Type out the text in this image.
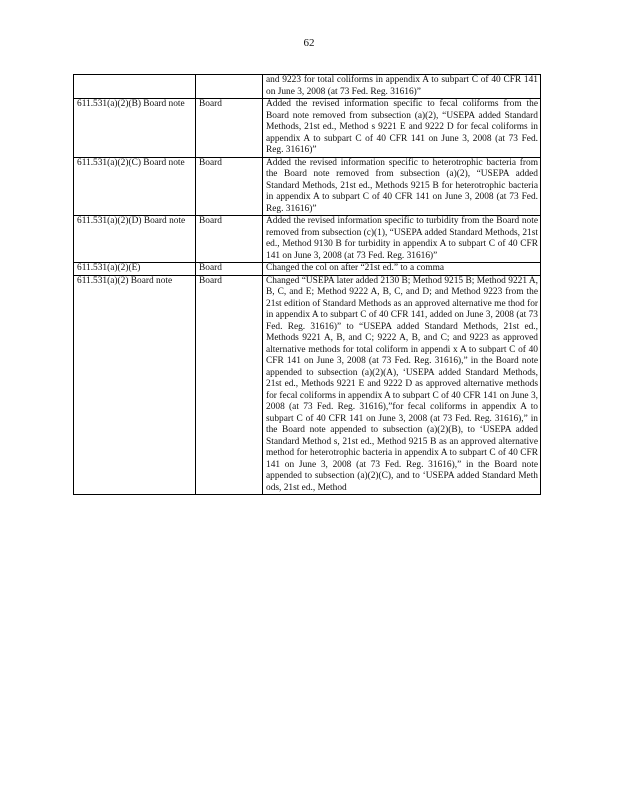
62
		and 9223 for total coliforms in appendix A to subpart C of 40 CFR 141 on June 3, 2008 (at 73 Fed. Reg. 31616)”
611.531(a)(2)(B) Board note	Board	Added the revised information specific to fecal coliforms from the Board note removed from subsection (a)(2), “USEPA added Standard Methods, 21st ed., Method s 9221 E and 9222 D for fecal coliforms in appendix A to subpart C of 40 CFR 141 on June 3, 2008 (at 73 Fed. Reg. 31616)”
611.531(a)(2)(C) Board note	Board	Added the revised information specific to heterotrophic bacteria from the Board note removed from subsection (a)(2), “USEPA added Standard Methods, 21st ed., Methods 9215 B for heterotrophic bacteria in appendix A to subpart C of 40 CFR 141 on June 3, 2008 (at 73 Fed. Reg. 31616)”
611.531(a)(2)(D) Board note	Board	Added the revised information specific to turbidity from the Board note removed from subsection (c)(1), “USEPA added Standard Methods, 21st ed., Method 9130 B for turbidity in appendix A to subpart C of 40 CFR 141 on June 3, 2008 (at 73 Fed. Reg. 31616)”
611.531(a)(2)(E)	Board	Changed the col on after “21st ed.” to a comma
611.531(a)(2) Board note	Board	Changed “USEPA later added 2130 B; Method 9215 B; Method 9221 A, B, C, and E; Method 9222 A, B, C, and D; and Method 9223 from the 21st edition of Standard Methods as an approved alternative me thod for in appendix A to subpart C of 40 CFR 141, added on June 3, 2008 (at 73 Fed. Reg. 31616)” to “USEPA added Standard Methods, 21st ed., Methods 9221 A, B, and C; 9222 A, B, and C; and 9223 as approved alternative methods for total coliform in appendi x A to subpart C of 40 CFR 141 on June 3, 2008 (at 73 Fed. Reg. 31616),” in the Board note appended to subsection (a)(2)(A), ‘USEPA added Standard Methods, 21st ed., Methods 9221 E and 9222 D as approved alternative methods for fecal coliforms in appendix A to subpart C of 40 CFR 141 on June 3, 2008 (at 73 Fed. Reg. 31616),”for fecal coliforms in appendix A to subpart C of 40 CFR 141 on June 3, 2008 (at 73 Fed. Reg. 31616),” in the Board note appended to subsection (a)(2)(B), to ‘USEPA added Standard Method s, 21st ed., Method 9215 B as an approved alternative method for heterotrophic bacteria in appendix A to subpart C of 40 CFR 141 on June 3, 2008 (at 73 Fed. Reg. 31616),” in the Board note appended to subsection (a)(2)(C), and to ‘USEPA added Standard Meth ods, 21st ed., Method
